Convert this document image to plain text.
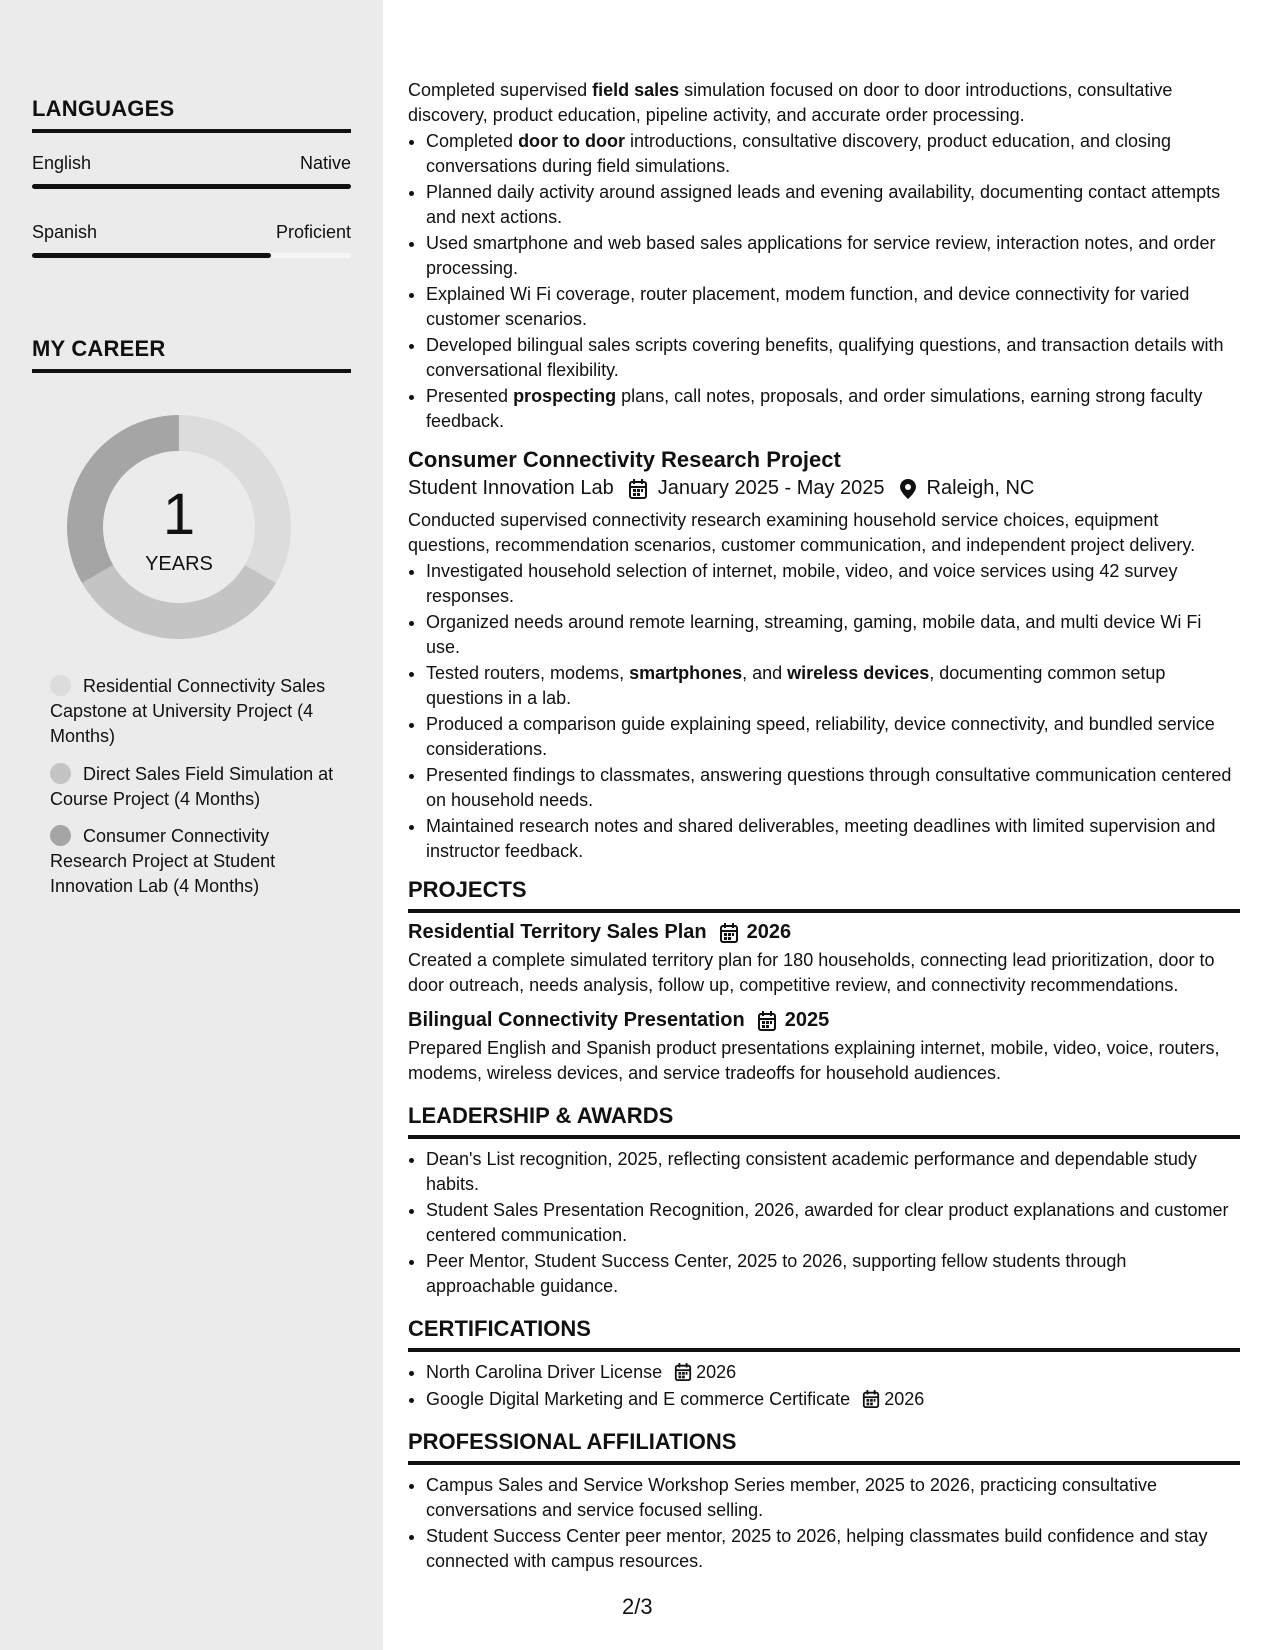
LANGUAGES
English	Native
Spanish	Proficient
MY CAREER
1
YEARS
Residential Connectivity Sales Capstone at University Project (4 Months)
Direct Sales Field Simulation at Course Project (4 Months)
Consumer Connectivity Research Project at Student Innovation Lab (4 Months)

Completed supervised field sales simulation focused on door to door introductions, consultative discovery, product education, pipeline activity, and accurate order processing.

• Completed door to door introductions, consultative discovery, product education, and closing conversations during field simulations.
• Planned daily activity around assigned leads and evening availability, documenting contact attempts and next actions.
• Used smartphone and web based sales applications for service review, interaction notes, and order processing.
• Explained Wi Fi coverage, router placement, modem function, and device connectivity for varied customer scenarios.
• Developed bilingual sales scripts covering benefits, qualifying questions, and transaction details with conversational flexibility.
• Presented prospecting plans, call notes, proposals, and order simulations, earning strong faculty feedback.
Consumer Connectivity Research Project
Student Innovation Lab January 2025 - May 2025 Raleigh, NC

Conducted supervised connectivity research examining household service choices, equipment questions, recommendation scenarios, customer communication, and independent project delivery.

• Investigated household selection of internet, mobile, video, and voice services using 42 survey responses.
• Organized needs around remote learning, streaming, gaming, mobile data, and multi device Wi Fi use.
• Tested routers, modems, smartphones, and wireless devices, documenting common setup questions in a lab.
• Produced a comparison guide explaining speed, reliability, device connectivity, and bundled service considerations.
• Presented findings to classmates, answering questions through consultative communication centered on household needs.
• Maintained research notes and shared deliverables, meeting deadlines with limited supervision and instructor feedback.
PROJECTS
Residential Territory Sales Plan 2026

Created a complete simulated territory plan for 180 households, connecting lead prioritization, door to door outreach, needs analysis, follow up, competitive review, and connectivity recommendations.

Bilingual Connectivity Presentation 2025

Prepared English and Spanish product presentations explaining internet, mobile, video, voice, routers, modems, wireless devices, and service tradeoffs for household audiences.

LEADERSHIP & AWARDS
• Dean's List recognition, 2025, reflecting consistent academic performance and dependable study habits.
• Student Sales Presentation Recognition, 2026, awarded for clear product explanations and customer centered communication.
• Peer Mentor, Student Success Center, 2025 to 2026, supporting fellow students through approachable guidance.
CERTIFICATIONS
• North Carolina Driver License 2026
• Google Digital Marketing and E commerce Certificate 2026
PROFESSIONAL AFFILIATIONS
• Campus Sales and Service Workshop Series member, 2025 to 2026, practicing consultative conversations and service focused selling.
• Student Success Center peer mentor, 2025 to 2026, helping classmates build confidence and stay connected with campus resources.
2/3
